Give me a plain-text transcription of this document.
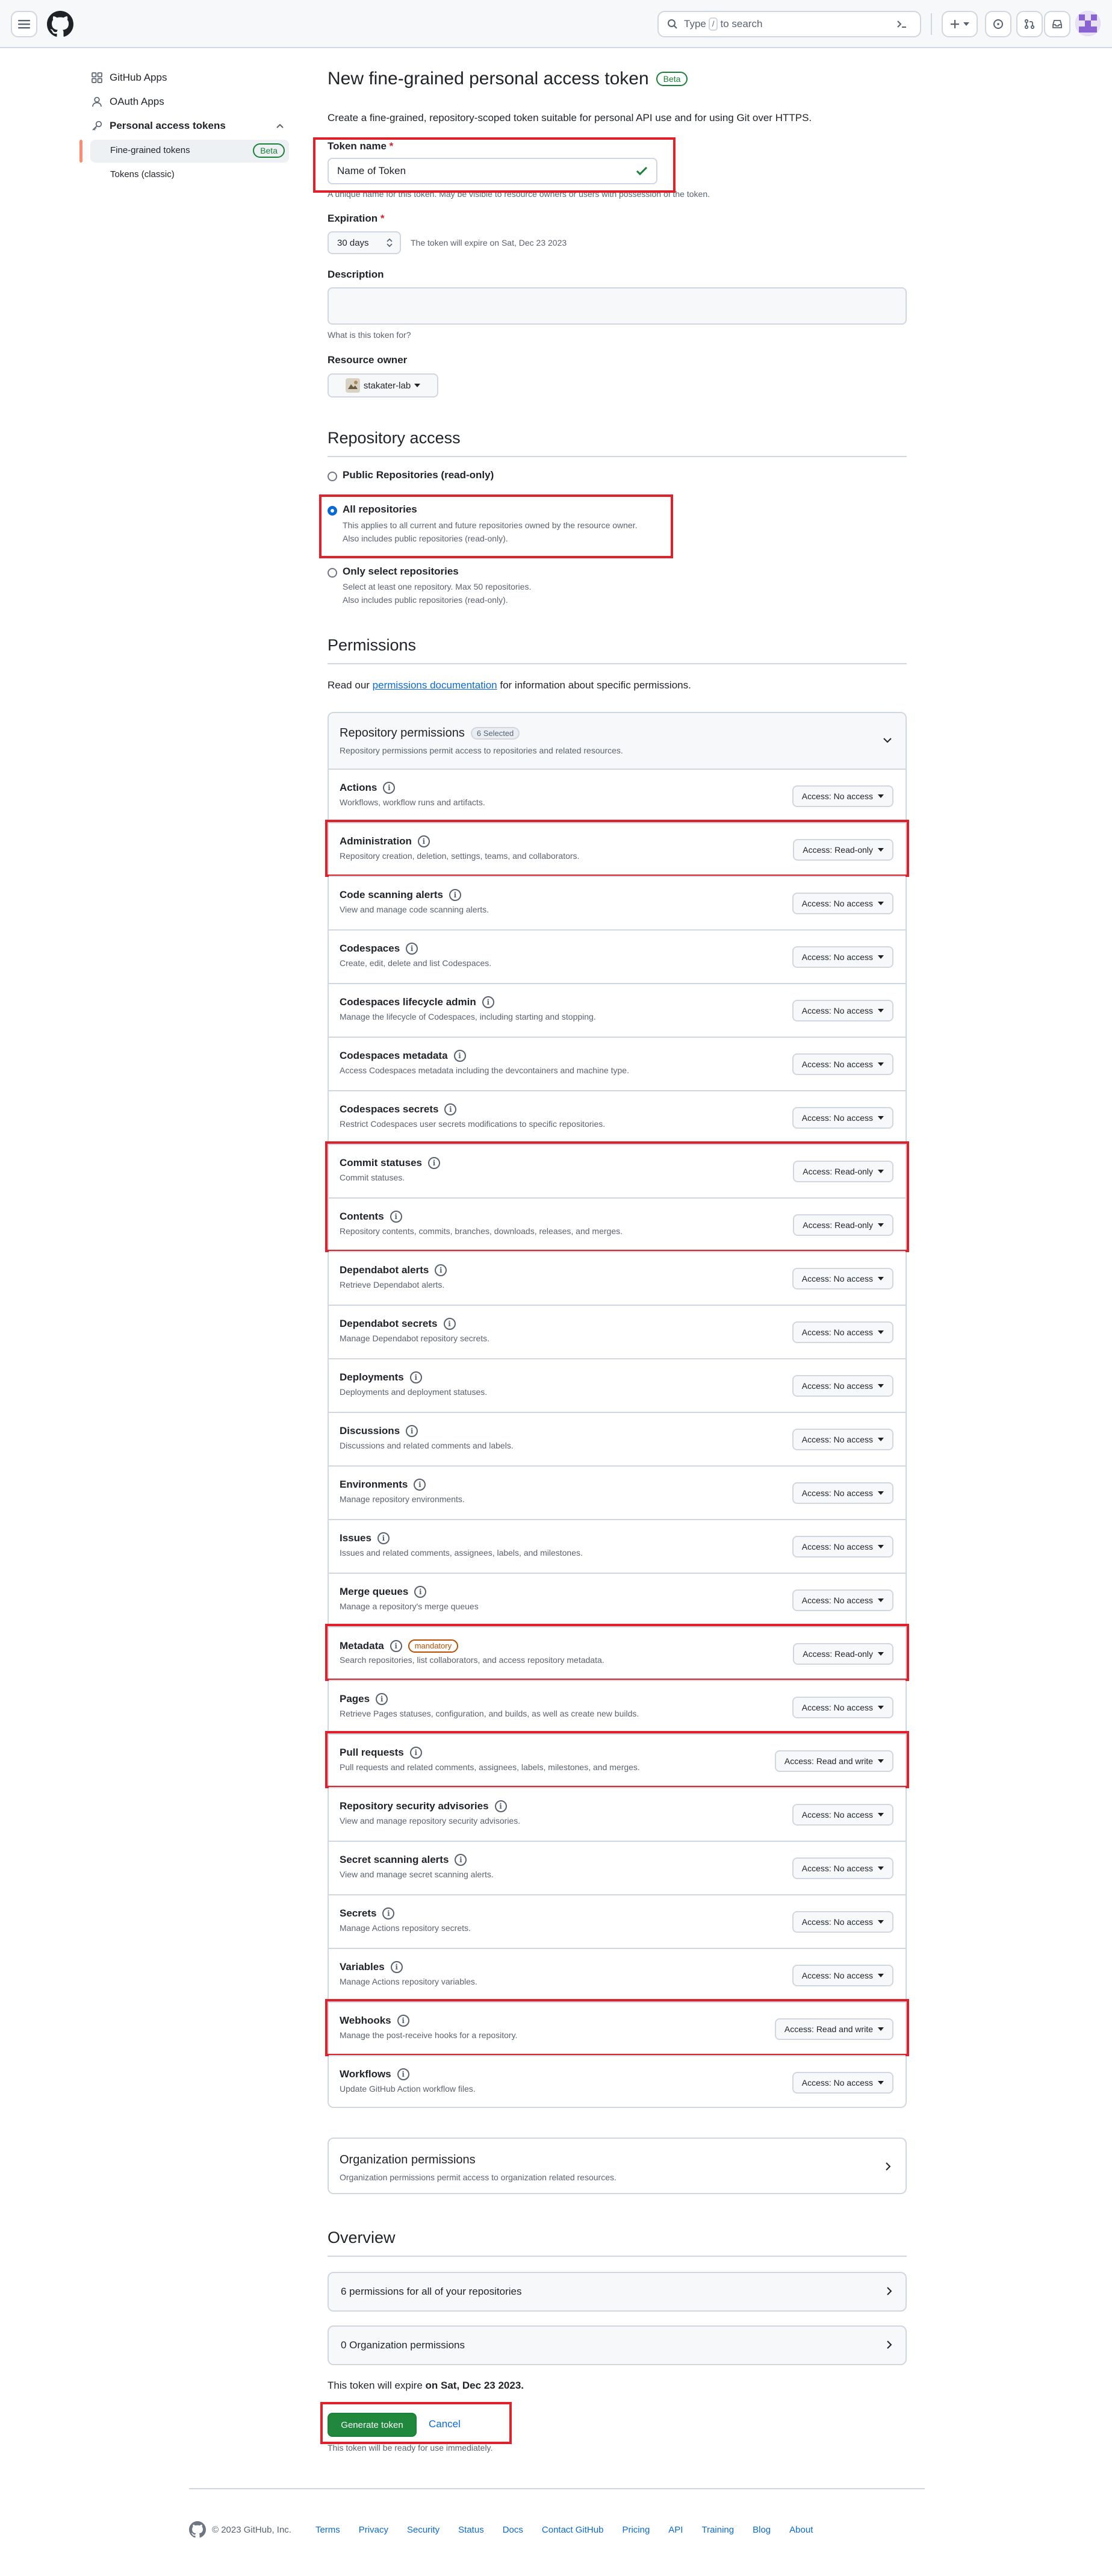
Type / to search
GitHub Apps
OAuth Apps
Personal access tokens
Fine-grained tokens	Beta
Tokens (classic)
New fine-grained personal access token	Beta
Create a fine-grained, repository-scoped token suitable for personal API use and for using Git over HTTPS.
Token name *
Name of Token
A unique name for this token. May be visible to resource owners or users with possession of the token.
Expiration *
30 days	The token will expire on Sat, Dec 23 2023
Description
What is this token for?
Resource owner
stakater-lab
Repository access
Public Repositories (read-only)
All repositories
This applies to all current and future repositories owned by the resource owner.
Also includes public repositories (read-only).
Only select repositories
Select at least one repository. Max 50 repositories.
Also includes public repositories (read-only).
Permissions
Read our permissions documentation for information about specific permissions.
Repository permissions	6 Selected
Repository permissions permit access to repositories and related resources.
Actions	i
Workflows, workflow runs and artifacts.
Access: No access
Administration	i
Repository creation, deletion, settings, teams, and collaborators.
Access: Read-only
Code scanning alerts	i
View and manage code scanning alerts.
Access: No access
Codespaces	i
Create, edit, delete and list Codespaces.
Access: No access
Codespaces lifecycle admin	i
Manage the lifecycle of Codespaces, including starting and stopping.
Access: No access
Codespaces metadata	i
Access Codespaces metadata including the devcontainers and machine type.
Access: No access
Codespaces secrets	i
Restrict Codespaces user secrets modifications to specific repositories.
Access: No access
Commit statuses	i
Commit statuses.
Access: Read-only
Contents	i
Repository contents, commits, branches, downloads, releases, and merges.
Access: Read-only
Dependabot alerts	i
Retrieve Dependabot alerts.
Access: No access
Dependabot secrets	i
Manage Dependabot repository secrets.
Access: No access
Deployments	i
Deployments and deployment statuses.
Access: No access
Discussions	i
Discussions and related comments and labels.
Access: No access
Environments	i
Manage repository environments.
Access: No access
Issues	i
Issues and related comments, assignees, labels, and milestones.
Access: No access
Merge queues	i
Manage a repository's merge queues
Access: No access
Metadata	i	mandatory
Search repositories, list collaborators, and access repository metadata.
Access: Read-only
Pages	i
Retrieve Pages statuses, configuration, and builds, as well as create new builds.
Access: No access
Pull requests	i
Pull requests and related comments, assignees, labels, milestones, and merges.
Access: Read and write
Repository security advisories	i
View and manage repository security advisories.
Access: No access
Secret scanning alerts	i
View and manage secret scanning alerts.
Access: No access
Secrets	i
Manage Actions repository secrets.
Access: No access
Variables	i
Manage Actions repository variables.
Access: No access
Webhooks	i
Manage the post-receive hooks for a repository.
Access: Read and write
Workflows	i
Update GitHub Action workflow files.
Access: No access
Organization permissions
Organization permissions permit access to organization related resources.
Overview
6 permissions for all of your repositories
0 Organization permissions
This token will expire on Sat, Dec 23 2023.
Generate token	Cancel
This token will be ready for use immediately.
© 2023 GitHub, Inc.	Terms Privacy Security Status Docs Contact GitHub Pricing API Training Blog About
